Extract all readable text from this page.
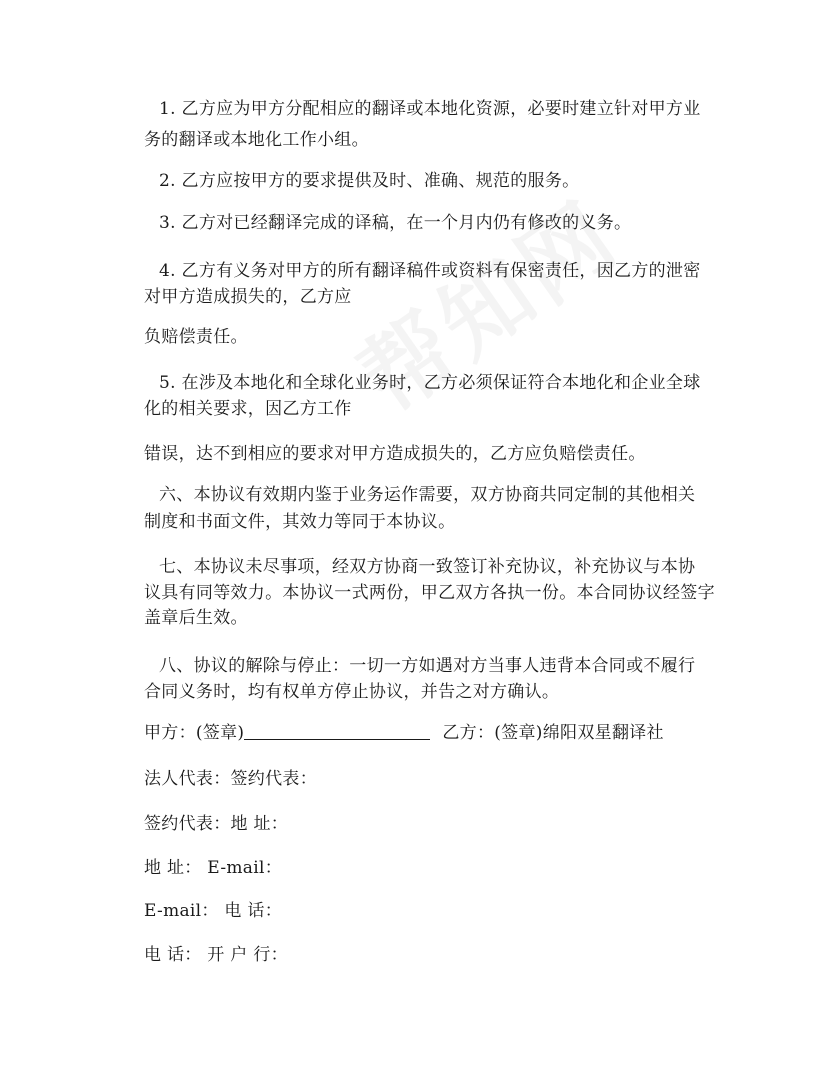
1. 乙方应为甲方分配相应的翻译或本地化资源，必要时建立针对甲方业
务的翻译或本地化工作小组。
2. 乙方应按甲方的要求提供及时、准确、规范的服务。
3. 乙方对已经翻译完成的译稿，在一个月内仍有修改的义务。
4. 乙方有义务对甲方的所有翻译稿件或资料有保密责任，因乙方的泄密
对甲方造成损失的，乙方应
负赔偿责任。
5. 在涉及本地化和全球化业务时，乙方必须保证符合本地化和企业全球
化的相关要求，因乙方工作
错误，达不到相应的要求对甲方造成损失的，乙方应负赔偿责任。
六、本协议有效期内鉴于业务运作需要，双方协商共同定制的其他相关
制度和书面文件，其效力等同于本协议。
七、本协议未尽事项，经双方协商一致签订补充协议，补充协议与本协
议具有同等效力。本协议一式两份，甲乙双方各执一份。本合同协议经签字
盖章后生效。
八、协议的解除与停止：一切一方如遇对方当事人违背本合同或不履行
合同义务时，均有权单方停止协议，并告之对方确认。
甲方：(签章)	乙方：(签章)绵阳双星翻译社
法人代表：签约代表：
签约代表：地 址：
地 址： E-mail：
E-mail： 电 话：
电 话： 开 户 行：
